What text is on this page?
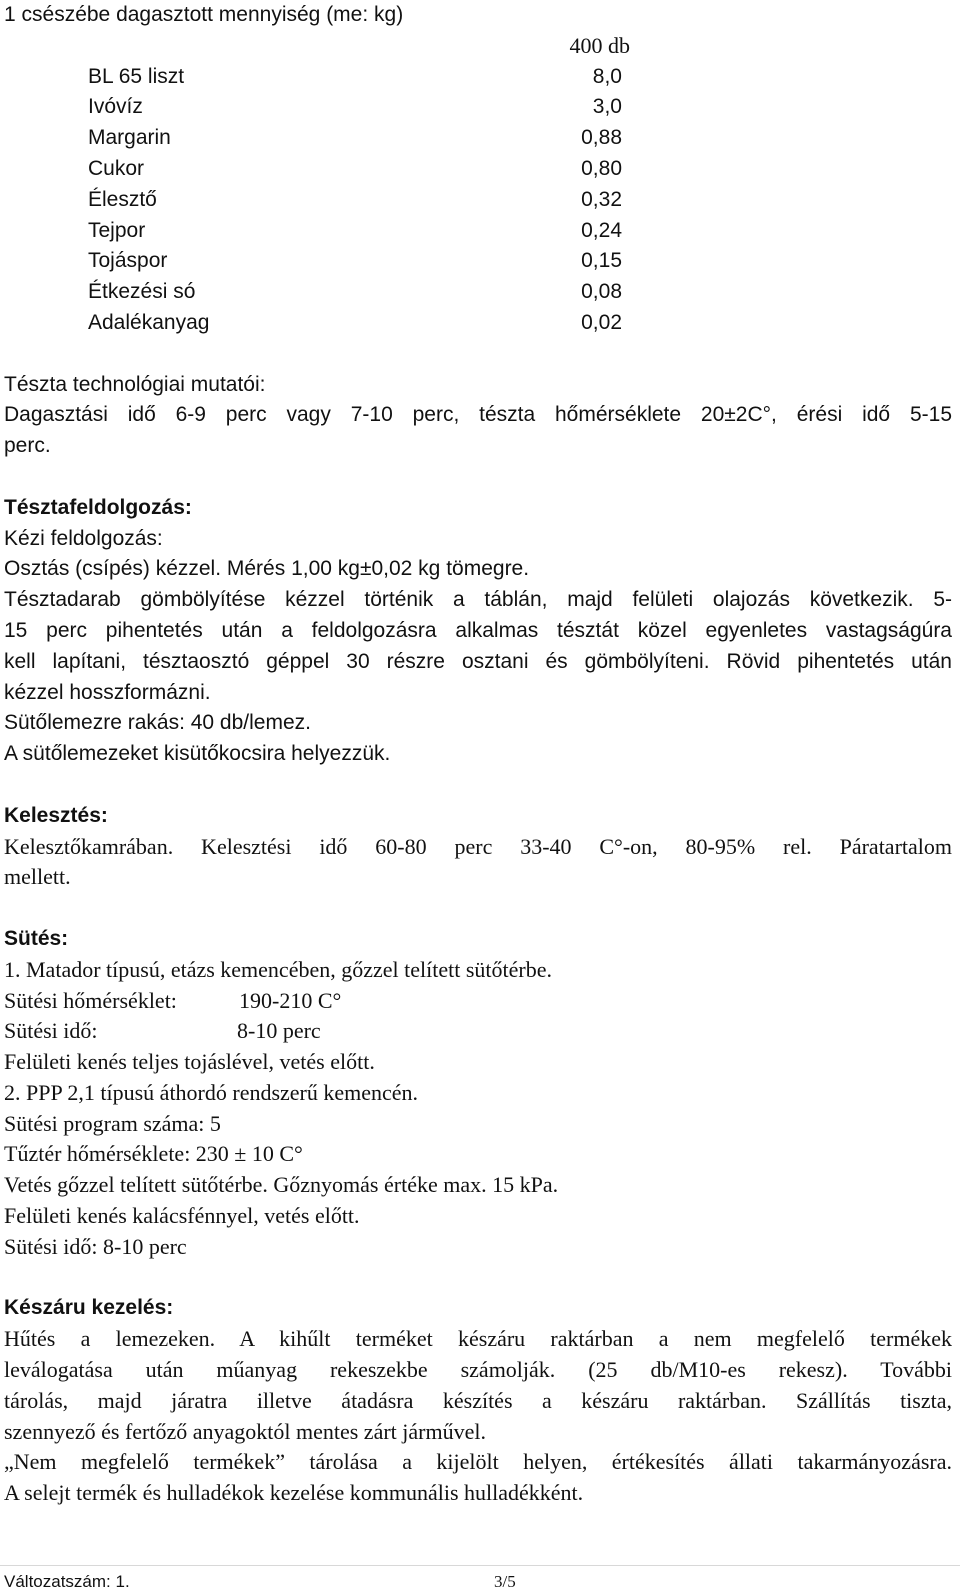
1 csészébe dagasztott mennyiség (me: kg)
400 db
BL 65 liszt	8,0
Ivóvíz	3,0
Margarin	0,88
Cukor	0,80
Élesztő	0,32
Tejpor	0,24
Tojáspor	0,15
Étkezési só	0,08
Adalékanyag	0,02
Tészta technológiai mutatói:
Dagasztási idő 6-9 perc vagy 7-10 perc, tészta hőmérséklete 20±2C°, érési idő 5-15
perc.
Tésztafeldolgozás:
Kézi feldolgozás:
Osztás (csípés) kézzel. Mérés 1,00 kg±0,02 kg tömegre.
Tésztadarab gömbölyítése kézzel történik a táblán, majd felületi olajozás következik. 5-
15 perc pihentetés után a feldolgozásra alkalmas tésztát közel egyenletes vastagságúra
kell lapítani, tésztaosztó géppel 30 részre osztani és gömbölyíteni. Rövid pihentetés után
kézzel hosszformázni.
Sütőlemezre rakás: 40 db/lemez.
A sütőlemezeket kisütőkocsira helyezzük.
Kelesztés:
Kelesztőkamrában. Kelesztési idő 60-80 perc 33-40 C°-on, 80-95% rel. Páratartalom
mellett.
Sütés:
1. Matador típusú, etázs kemencében, gőzzel telített sütőtérbe.
Sütési hőmérséklet:	190-210 C°
Sütési idő:	8-10 perc
Felületi kenés teljes tojáslével, vetés előtt.
2. PPP 2,1 típusú áthordó rendszerű kemencén.
Sütési program száma: 5
Tűztér hőmérséklete: 230 ± 10 C°
Vetés gőzzel telített sütőtérbe. Gőznyomás értéke max. 15 kPa.
Felületi kenés kalácsfénnyel, vetés előtt.
Sütési idő: 8-10 perc
Készáru kezelés:
Hűtés a lemezeken. A kihűlt terméket készáru raktárban a nem megfelelő termékek
leválogatása után műanyag rekeszekbe számolják. (25 db/M10-es rekesz). További
tárolás, majd járatra illetve átadásra készítés a készáru raktárban. Szállítás tiszta,
szennyező és fertőző anyagoktól mentes zárt járművel.
„Nem megfelelő termékek” tárolása a kijelölt helyen, értékesítés állati takarmányozásra.
A selejt termék és hulladékok kezelése kommunális hulladékként.
Változatszám: 1.	3/5
